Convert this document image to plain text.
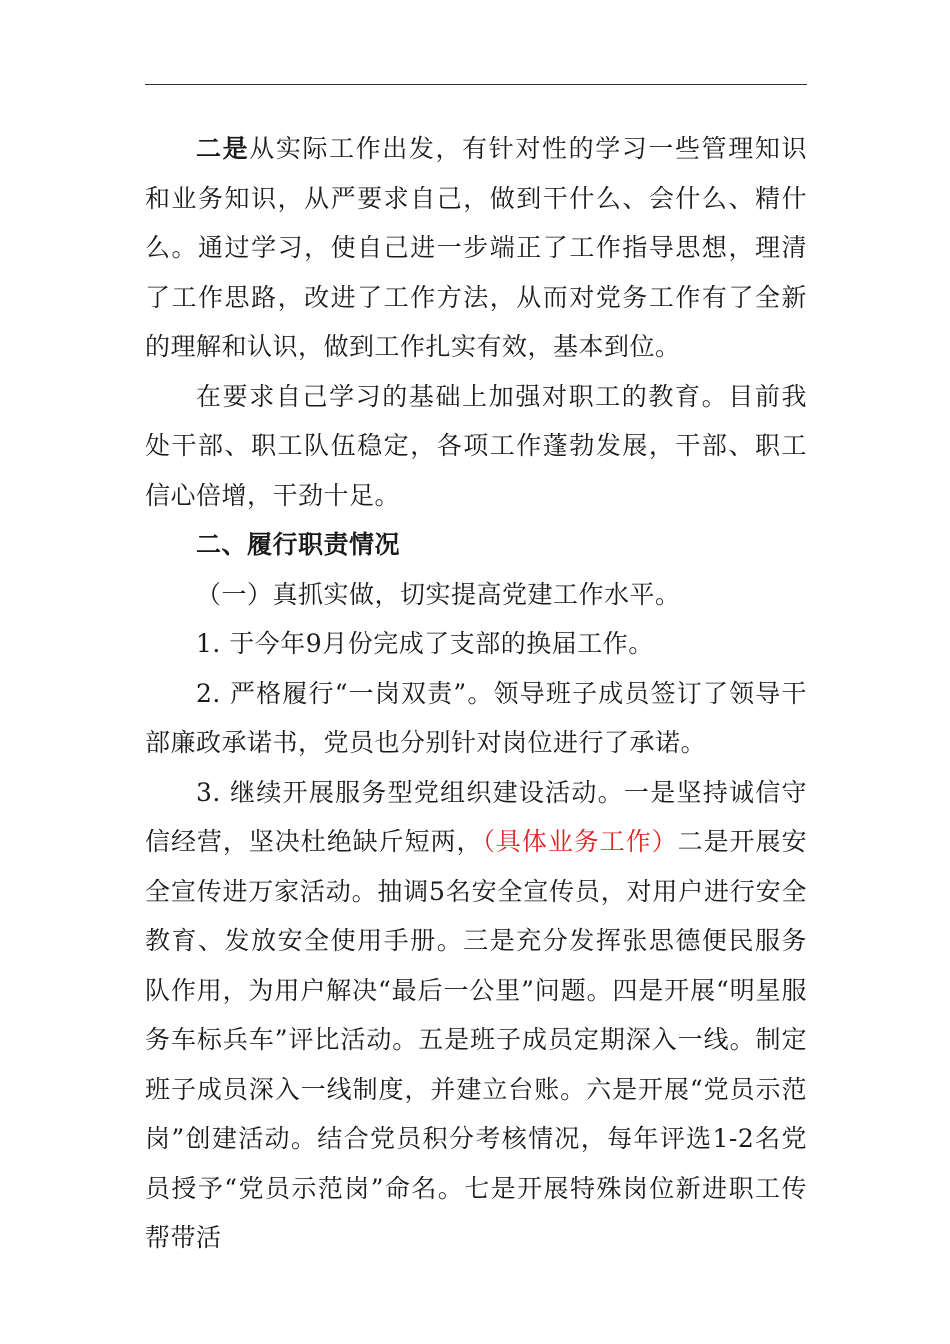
二是从实际工作出发，有针对性的学习一些管理知识和业务知识，从严要求自己，做到干什么、会什么、精什么。通过学习，使自己进一步端正了工作指导思想，理清了工作思路，改进了工作方法，从而对党务工作有了全新的理解和认识，做到工作扎实有效，基本到位。

在要求自己学习的基础上加强对职工的教育。目前我处干部、职工队伍稳定，各项工作蓬勃发展，干部、职工信心倍增，干劲十足。

二、履行职责情况

（一）真抓实做，切实提高党建工作水平。

1. 于今年9月份完成了支部的换届工作。

2. 严格履行“一岗双责”。领导班子成员签订了领导干部廉政承诺书，党员也分别针对岗位进行了承诺。

3. 继续开展服务型党组织建设活动。一是坚持诚信守信经营，坚决杜绝缺斤短两，（具体业务工作）二是开展安全宣传进万家活动。抽调5名安全宣传员，对用户进行安全教育、发放安全使用手册。三是充分发挥张思德便民服务队作用，为用户解决“最后一公里”问题。四是开展“明星服务车标兵车”评比活动。五是班子成员定期深入一线。制定班子成员深入一线制度，并建立台账。六是开展“党员示范岗”创建活动。结合党员积分考核情况，每年评选1-2名党员授予“党员示范岗”命名。七是开展特殊岗位新进职工传帮带活
